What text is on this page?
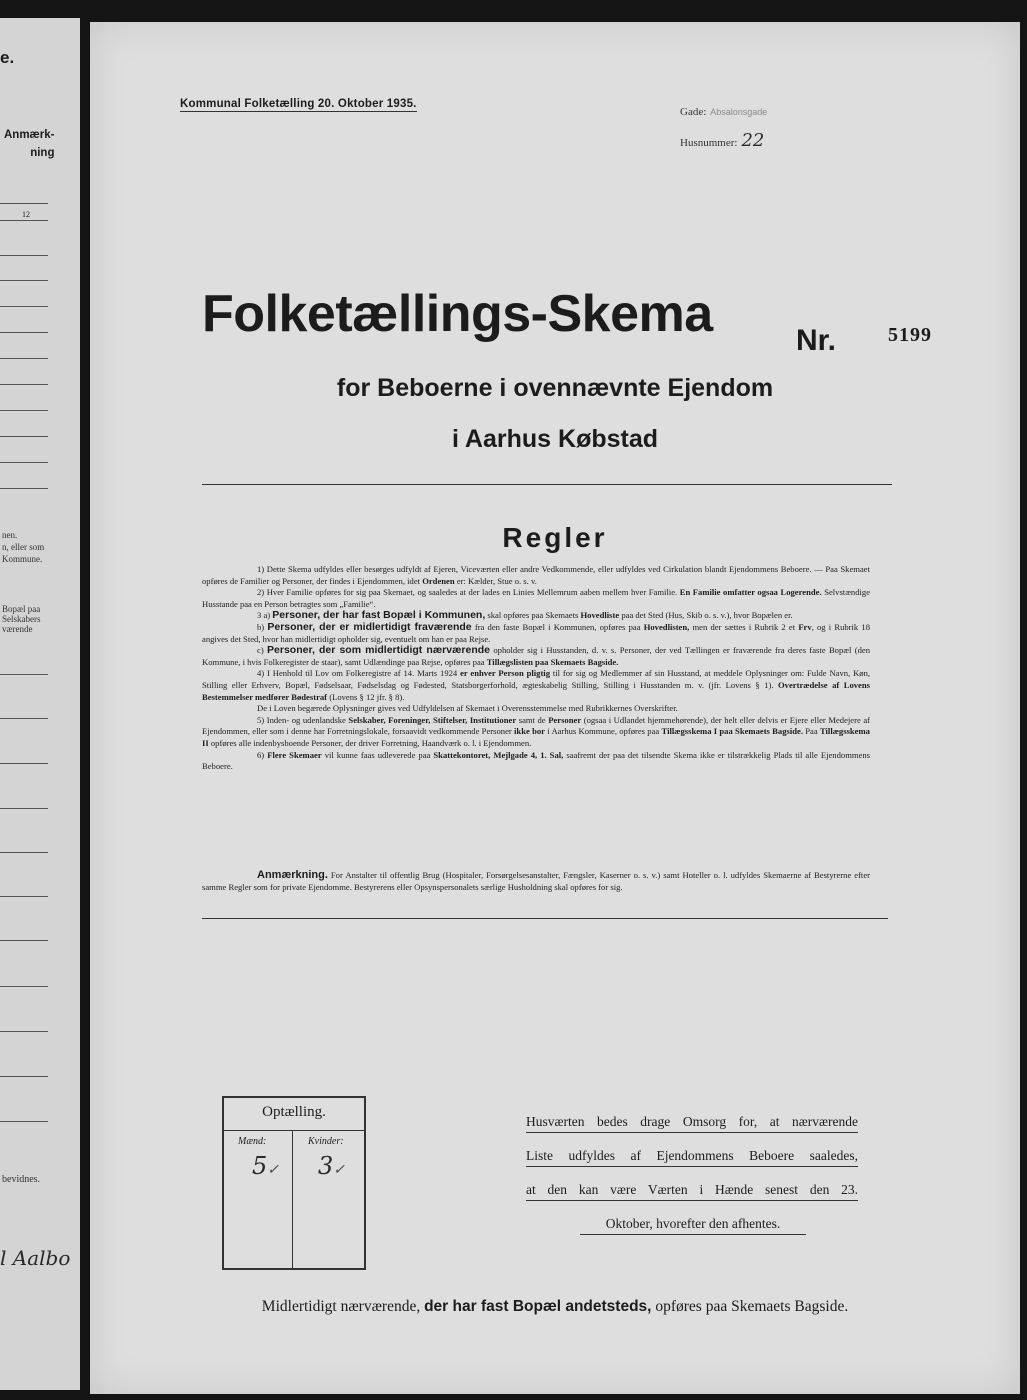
e.
Anmærk-
ning
12
nen.
n, eller som
Kommune.
Bopæl paa
Selskabers
værende
bevidnes.
l Aalbo
Kommunal Folketælling 20. Oktober 1935.
Gade: Absalonsgade
Husnummer: 22
Folketællings-Skema	Nr.	5199
for Beboerne i ovennævnte Ejendom
i Aarhus Købstad
Regler

1) Dette Skema udfyldes eller besørges udfyldt af Ejeren, Viceværten eller andre Vedkommende, eller udfyldes ved Cirkulation blandt Ejendommens Beboere. — Paa Skemaet opføres de Familier og Personer, der findes i Ejendommen, idet Ordenen er: Kælder, Stue o. s. v.

2) Hver Familie opføres for sig paa Skemaet, og saaledes at der lades en Linies Mellemrum aaben mellem hver Familie. En Familie omfatter ogsaa Logerende. Selvstændige Husstande paa en Person betragtes som „Familie“.

3 a) Personer, der har fast Bopæl i Kommunen, skal opføres paa Skemaets Hovedliste paa det Sted (Hus, Skib o. s. v.), hvor Bopælen er.

b) Personer, der er midlertidigt fraværende fra den faste Bopæl i Kommunen, opføres paa Hovedlisten, men der sættes i Rubrik 2 et Frv, og i Rubrik 18 angives det Sted, hvor han midlertidigt opholder sig, eventuelt om han er paa Rejse.

c) Personer, der som midlertidigt nærværende opholder sig i Husstanden, d. v. s. Personer, der ved Tællingen er fraværende fra deres faste Bopæl (den Kommune, i hvis Folkeregister de staar), samt Udlændinge paa Rejse, opføres paa Tillægslisten paa Skemaets Bagside.

4) I Henhold til Lov om Folkeregistre af 14. Marts 1924 er enhver Person pligtig til for sig og Medlemmer af sin Husstand, at meddele Oplysninger om: Fulde Navn, Køn, Stilling eller Erhverv, Bopæl, Fødselsaar, Fødselsdag og Fødested, Statsborgerforhold, ægteskabelig Stilling, Stilling i Husstanden m. v. (jfr. Lovens § 1). Overtrædelse af Lovens Bestemmelser medfører Bødestraf (Lovens § 12 jfr. § 8).

De i Loven begærede Oplysninger gives ved Udfyldelsen af Skemaet i Overensstemmelse med Rubrikkernes Overskrifter.

5) Inden- og udenlandske Selskaber, Foreninger, Stiftelser, Institutioner samt de Personer (ogsaa i Udlandet hjemmehørende), der helt eller delvis er Ejere eller Medejere af Ejendommen, eller som i denne har Forretningslokale, forsaavidt vedkommende Personer ikke bor i Aarhus Kommune, opføres paa Tillægsskema I paa Skemaets Bagside. Paa Tillægsskema II opføres alle indenbysboende Personer, der driver Forretning, Haandværk o. l. i Ejendommen.

6) Flere Skemaer vil kunne faas udleverede paa Skattekontoret, Mejlgade 4, 1. Sal, saafremt der paa det tilsendte Skema ikke er tilstrækkelig Plads til alle Ejendommens Beboere.

Anmærkning. For Anstalter til offentlig Brug (Hospitaler, Forsørgelsesanstalter, Fængsler, Kaserner o. s. v.) samt Hoteller o. l. udfyldes Skemaerne af Bestyrerne efter samme Regler som for private Ejendomme. Bestyrerens eller Opsynspersonalets særlige Husholdning skal opføres for sig.
Optælling.
Mænd:	Kvinder:
5✓ 3✓
Husværten bedes drage Omsorg for, at nærværende
Liste udfyldes af Ejendommens Beboere saaledes,
at den kan være Værten i Hænde senest den 23.
Oktober, hvorefter den afhentes.
Midlertidigt nærværende, der har fast Bopæl andetsteds, opføres paa Skemaets Bagside.
